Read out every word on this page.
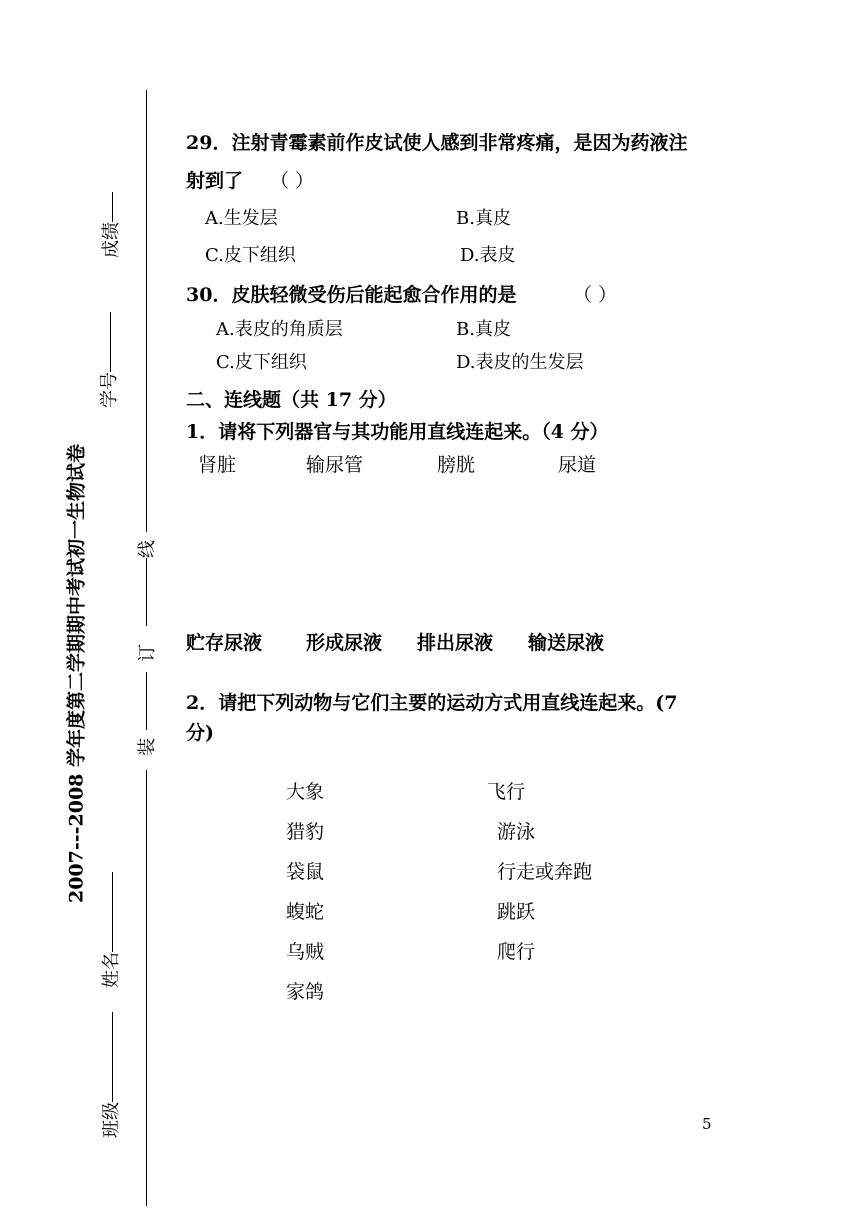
线
订
装
2007---2008 学年度第二学期期中考试初一生物试卷
成绩
学号
姓名
班级
29．注射青霉素前作皮试使人感到非常疼痛，是因为药液注
射到了 （ ）
A.生发层	B.真皮
C.皮下组织	D.表皮
30．皮肤轻微受伤后能起愈合作用的是	（ ）
A.表皮的角质层	B.真皮
C.皮下组织	D.表皮的生发层
二、连线题（共 17 分）
1．请将下列器官与其功能用直线连起来。（4 分）
肾脏	输尿管	膀胱	尿道
贮存尿液 形成尿液 排出尿液 输送尿液
2．请把下列动物与它们主要的运动方式用直线连起来。(7
分)
大象
猎豹
袋鼠
蝮蛇
乌贼
家鸽
飞行
游泳
行走或奔跑
跳跃
爬行
5
